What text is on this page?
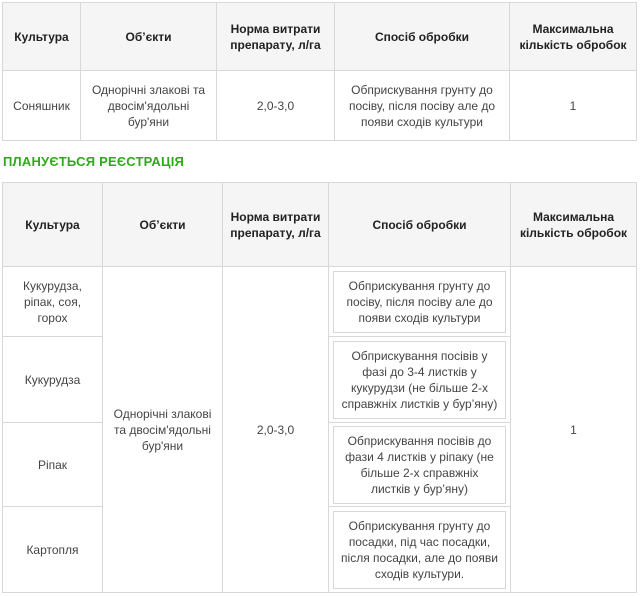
Культура	Об’єкти	Норма витрати препарату, л/га	Спосіб обробки	Максимальна кількість обробок
Соняшник	Однорічні злакові та двосім'ядольні бур'яни	2,0-3,0	Обприскування грунту до посіву, після посіву але до появи сходів культури	1
ПЛАНУЄТЬСЯ РЕЄСТРАЦІЯ
Культура	Об’єкти	Норма витрати препарату, л/га	Спосіб обробки	Максимальна кількість обробок
Кукурудза, ріпак, соя, горох	Однорічні злакові та двосім'ядольні бур'яни	2,0-3,0	Обприскування грунту до посіву, після посіву але до появи сходів культури	1
Кукурудза			Обприскування посівів у фазі до 3-4 листків у кукурудзи (не більше 2-х справжніх листків у бур’яну)	

Ріпак			Обприскування посівів до фази 4 листків у ріпаку (не більше 2-х справжніх листків у бур’яну)	

Картопля			Обприскування грунту до посадки, під час посадки, після посадки, але до появи сходів культури.	
